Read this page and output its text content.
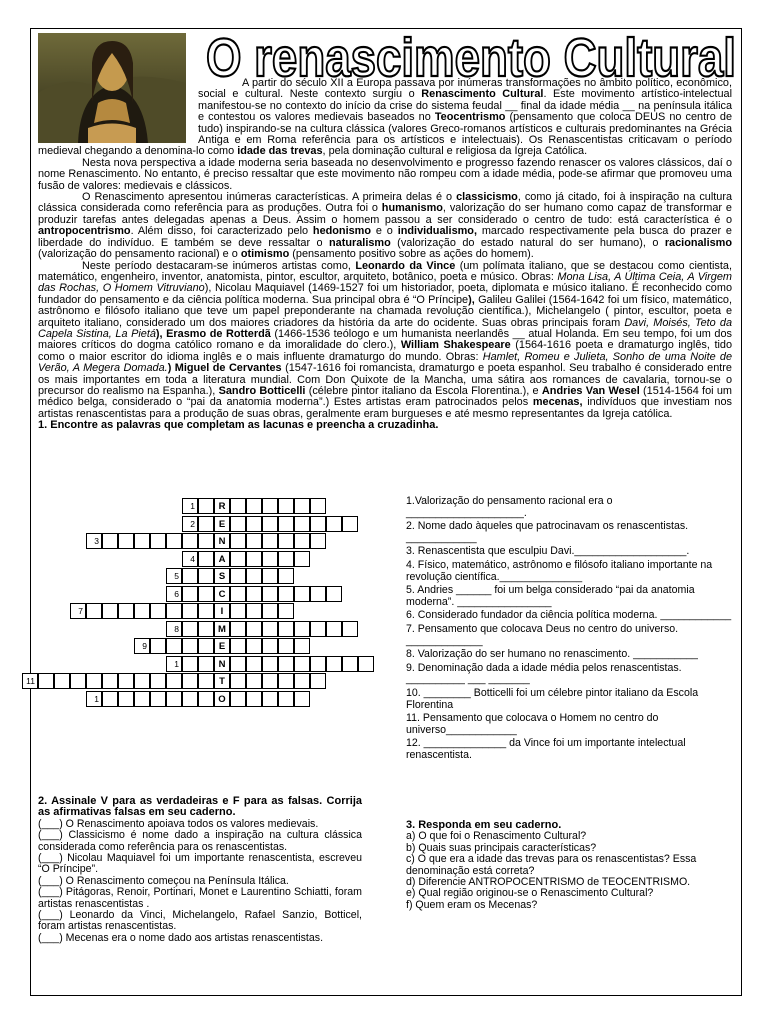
O renascimento Cultural

A partir do século XII a Europa passava por inúmeras transformações no âmbito político, econômico, social e cultural. Neste contexto surgiu o Renascimento Cultural. Este movimento artístico-intelectual manifestou-se no contexto do início da crise do sistema feudal __ final da idade média __ na península itálica e contestou os valores medievais baseados no Teocentrismo (pensamento que coloca DEUS no centro de tudo) inspirando-se na cultura clássica (valores Greco-romanos artísticos e culturais predominantes na Grécia Antiga e em Roma referência para os artísticos e intelectuais). Os Renascentistas criticavam o período medieval chegando a denomina-lo como idade das trevas, pela dominação cultural e religiosa da Igreja Católica.

Nesta nova perspectiva a idade moderna seria baseada no desenvolvimento e progresso fazendo renascer os valores clássicos, daí o nome Renascimento. No entanto, é preciso ressaltar que este movimento não rompeu com a idade média, pode-se afirmar que promoveu uma fusão de valores: medievais e clássicos.

O Renascimento apresentou inúmeras características. A primeira delas é o classicismo, como já citado, foi à inspiração na cultura clássica considerada como referência para as produções. Outra foi o humanismo, valorização do ser humano como capaz de transformar e produzir tarefas antes delegadas apenas a Deus. Assim o homem passou a ser considerado o centro de tudo: está característica é o antropocentrismo. Além disso, foi caracterizado pelo hedonismo e o individualismo, marcado respectivamente pela busca do prazer e liberdade do indivíduo. E também se deve ressaltar o naturalismo (valorização do estado natural do ser humano), o racionalismo (valorização do pensamento racional) e o otimismo (pensamento positivo sobre as ações do homem).

Neste período destacaram-se inúmeros artistas como, Leonardo da Vince (um polímata italiano, que se destacou como cientista, matemático, engenheiro, inventor, anatomista, pintor, escultor, arquiteto, botânico, poeta e músico. Obras: Mona Lisa, A Última Ceia, A Virgem das Rochas, O Homem Vitruviano), Nicolau Maquiavel (1469-1527 foi um historiador, poeta, diplomata e músico italiano. É reconhecido como fundador do pensamento e da ciência política moderna. Sua principal obra é “O Príncipe), Galileu Galilei (1564-1642 foi um físico, matemático, astrônomo e filósofo italiano que teve um papel preponderante na chamada revolução científica.), Michelangelo ( pintor, escultor, poeta e arquiteto italiano, considerado um dos maiores criadores da história da arte do ocidente. Suas obras principais foram Davi, Moisés, Teto da Capela Sistina, La Pietá), Erasmo de Rotterdã (1466-1536 teólogo e um humanista neerlandês __ atual Holanda. Em seu tempo, foi um dos maiores críticos do dogma católico romano e da imoralidade do clero.), William Shakespeare (1564-1616 poeta e dramaturgo inglês, tido como o maior escritor do idioma inglês e o mais influente dramaturgo do mundo. Obras: Hamlet, Romeu e Julieta, Sonho de uma Noite de Verão, A Megera Domada.) Miguel de Cervantes (1547-1616 foi romancista, dramaturgo e poeta espanhol. Seu trabalho é considerado entre os mais importantes em toda a literatura mundial. Com Don Quixote de la Mancha, uma sátira aos romances de cavalaria, tornou-se o precursor do realismo na Espanha.), Sandro Botticelli (célebre pintor italiano da Escola Florentina.), e Andries Van Wesel (1514-1564 foi um médico belga, considerado o “pai da anatomia moderna”.) Estes artistas eram patrocinados pelos mecenas, indivíduos que investiam nos artistas renascentistas para a produção de suas obras, geralmente eram burgueses e até mesmo representantes da Igreja católica.

1. Encontre as palavras que completam as lacunas e preencha a cruzadinha.

1	R
2	E
3	N
4	A
5	S
6	C
7	I
8	M
9	E
1	N
11	T
1	O

1.Valorização do pensamento racional era o ____________________.

2. Nome dado àqueles que patrocinavam os renascentistas. ____________

3. Renascentista que esculpiu Davi.___________________.

4. Físico, matemático, astrônomo e filósofo italiano importante na revolução científica.______________

5. Andries ______ foi um belga considerado “pai da anatomia moderna”. ________________

6. Considerado fundador da ciência política moderna. ____________

7. Pensamento que colocava Deus no centro do universo. _____________

8. Valorização do ser humano no renascimento. ___________

9. Denominação dada a idade média pelos renascentistas. __________ ___ _______

10. ________ Botticelli foi um célebre pintor italiano da Escola Florentina

11. Pensamento que colocava o Homem no centro do universo____________

12. ______________ da Vince foi um importante intelectual renascentista.

2. Assinale V para as verdadeiras e F para as falsas. Corrija as afirmativas falsas em seu caderno.

(___) O Renascimento apoiava todos os valores medievais.

(___) Classicismo é nome dado a inspiração na cultura clássica considerada como referência para os renascentistas.

(___) Nicolau Maquiavel foi um importante renascentista, escreveu “O Príncipe”.

(___) O Renascimento começou na Península Itálica.

(___) Pitágoras, Renoir, Portinari, Monet e Laurentino Schiatti, foram artistas renascentistas .

(___) Leonardo da Vinci, Michelangelo, Rafael Sanzio, Botticel, foram artistas renascentistas.

(___) Mecenas era o nome dado aos artistas renascentistas.

3. Responda em seu caderno.

a) O que foi o Renascimento Cultural?

b) Quais suas principais características?

c) O que era a idade das trevas para os renascentistas? Essa denominação está correta?

d) Diferencie ANTROPOCENTRISMO de TEOCENTRISMO.

e) Qual região originou-se o Renascimento Cultural?

f) Quem eram os Mecenas?
